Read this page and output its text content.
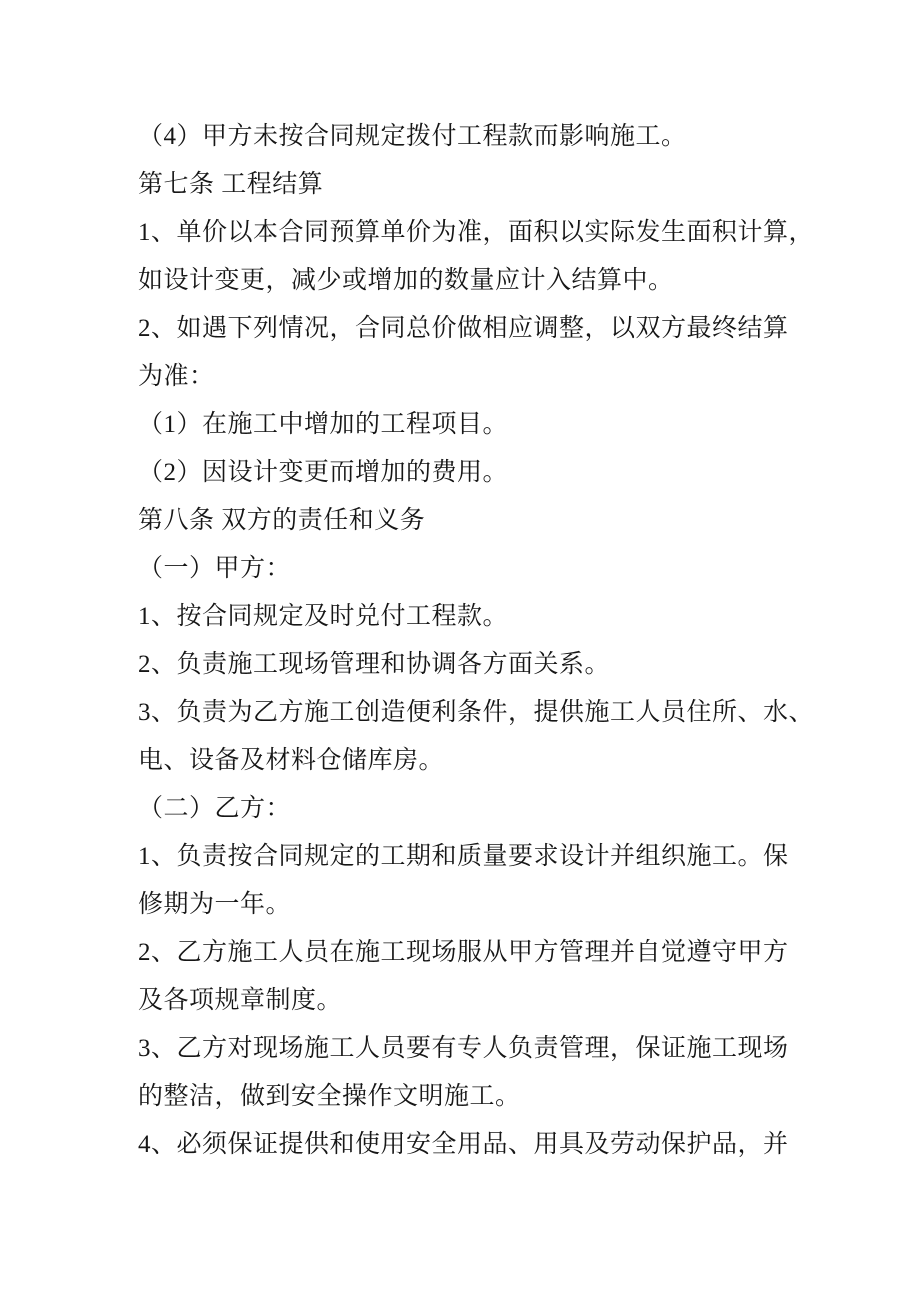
（4）甲方未按合同规定拨付工程款而影响施工。
第七条 工程结算
1、单价以本合同预算单价为准，面积以实际发生面积计算，
如设计变更，减少或增加的数量应计入结算中。
2、如遇下列情况，合同总价做相应调整，以双方最终结算
为准：
（1）在施工中增加的工程项目。
（2）因设计变更而增加的费用。
第八条 双方的责任和义务
（一）甲方：
1、按合同规定及时兑付工程款。
2、负责施工现场管理和协调各方面关系。
3、负责为乙方施工创造便利条件，提供施工人员住所、水、
电、设备及材料仓储库房。
（二）乙方：
1、负责按合同规定的工期和质量要求设计并组织施工。保
修期为一年。
2、乙方施工人员在施工现场服从甲方管理并自觉遵守甲方
及各项规章制度。
3、乙方对现场施工人员要有专人负责管理，保证施工现场
的整洁，做到安全操作文明施工。
4、必须保证提供和使用安全用品、用具及劳动保护品，并
